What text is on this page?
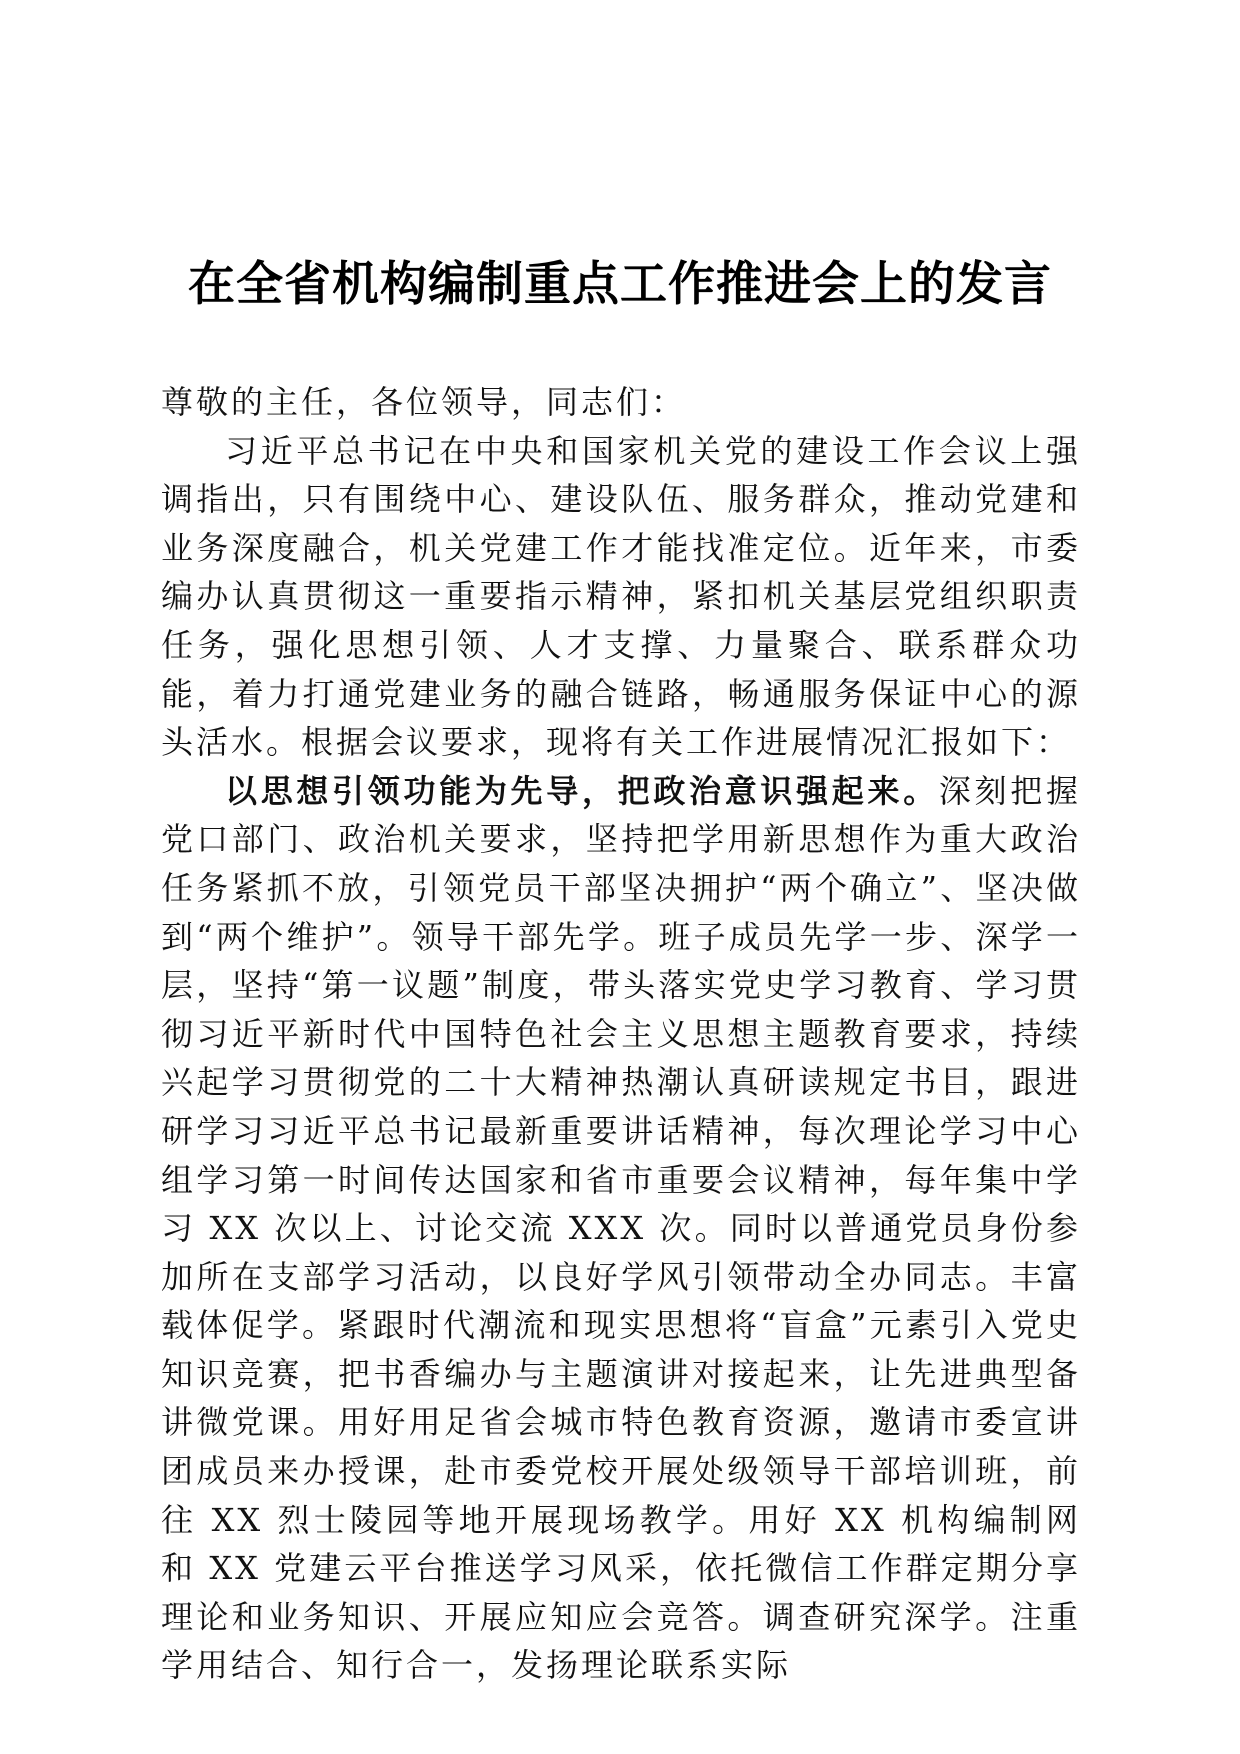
在全省机构编制重点工作推进会上的发言

尊敬的主任，各位领导，同志们：

习近平总书记在中央和国家机关党的建设工作会议上强调指出，只有围绕中心、建设队伍、服务群众，推动党建和业务深度融合，机关党建工作才能找准定位。近年来，市委编办认真贯彻这一重要指示精神，紧扣机关基层党组织职责任务，强化思想引领、人才支撑、力量聚合、联系群众功能，着力打通党建业务的融合链路，畅通服务保证中心的源头活水。根据会议要求，现将有关工作进展情况汇报如下：

以思想引领功能为先导，把政治意识强起来。深刻把握党口部门、政治机关要求，坚持把学用新思想作为重大政治任务紧抓不放，引领党员干部坚决拥护“两个确立”、坚决做到“两个维护”。领导干部先学。班子成员先学一步、深学一层，坚持“第一议题”制度，带头落实党史学习教育、学习贯彻习近平新时代中国特色社会主义思想主题教育要求，持续兴起学习贯彻党的二十大精神热潮认真研读规定书目，跟进研学习习近平总书记最新重要讲话精神，每次理论学习中心组学习第一时间传达国家和省市重要会议精神，每年集中学习 XX 次以上、讨论交流 XXX 次。同时以普通党员身份参加所在支部学习活动，以良好学风引领带动全办同志。丰富载体促学。紧跟时代潮流和现实思想将“盲盒”元素引入党史知识竞赛，把书香编办与主题演讲对接起来，让先进典型备讲微党课。用好用足省会城市特色教育资源，邀请市委宣讲团成员来办授课，赴市委党校开展处级领导干部培训班，前往 XX 烈士陵园等地开展现场教学。用好 XX 机构编制网和 XX 党建云平台推送学习风采，依托微信工作群定期分享理论和业务知识、开展应知应会竞答。调查研究深学。注重学用结合、知行合一，发扬理论联系实际
